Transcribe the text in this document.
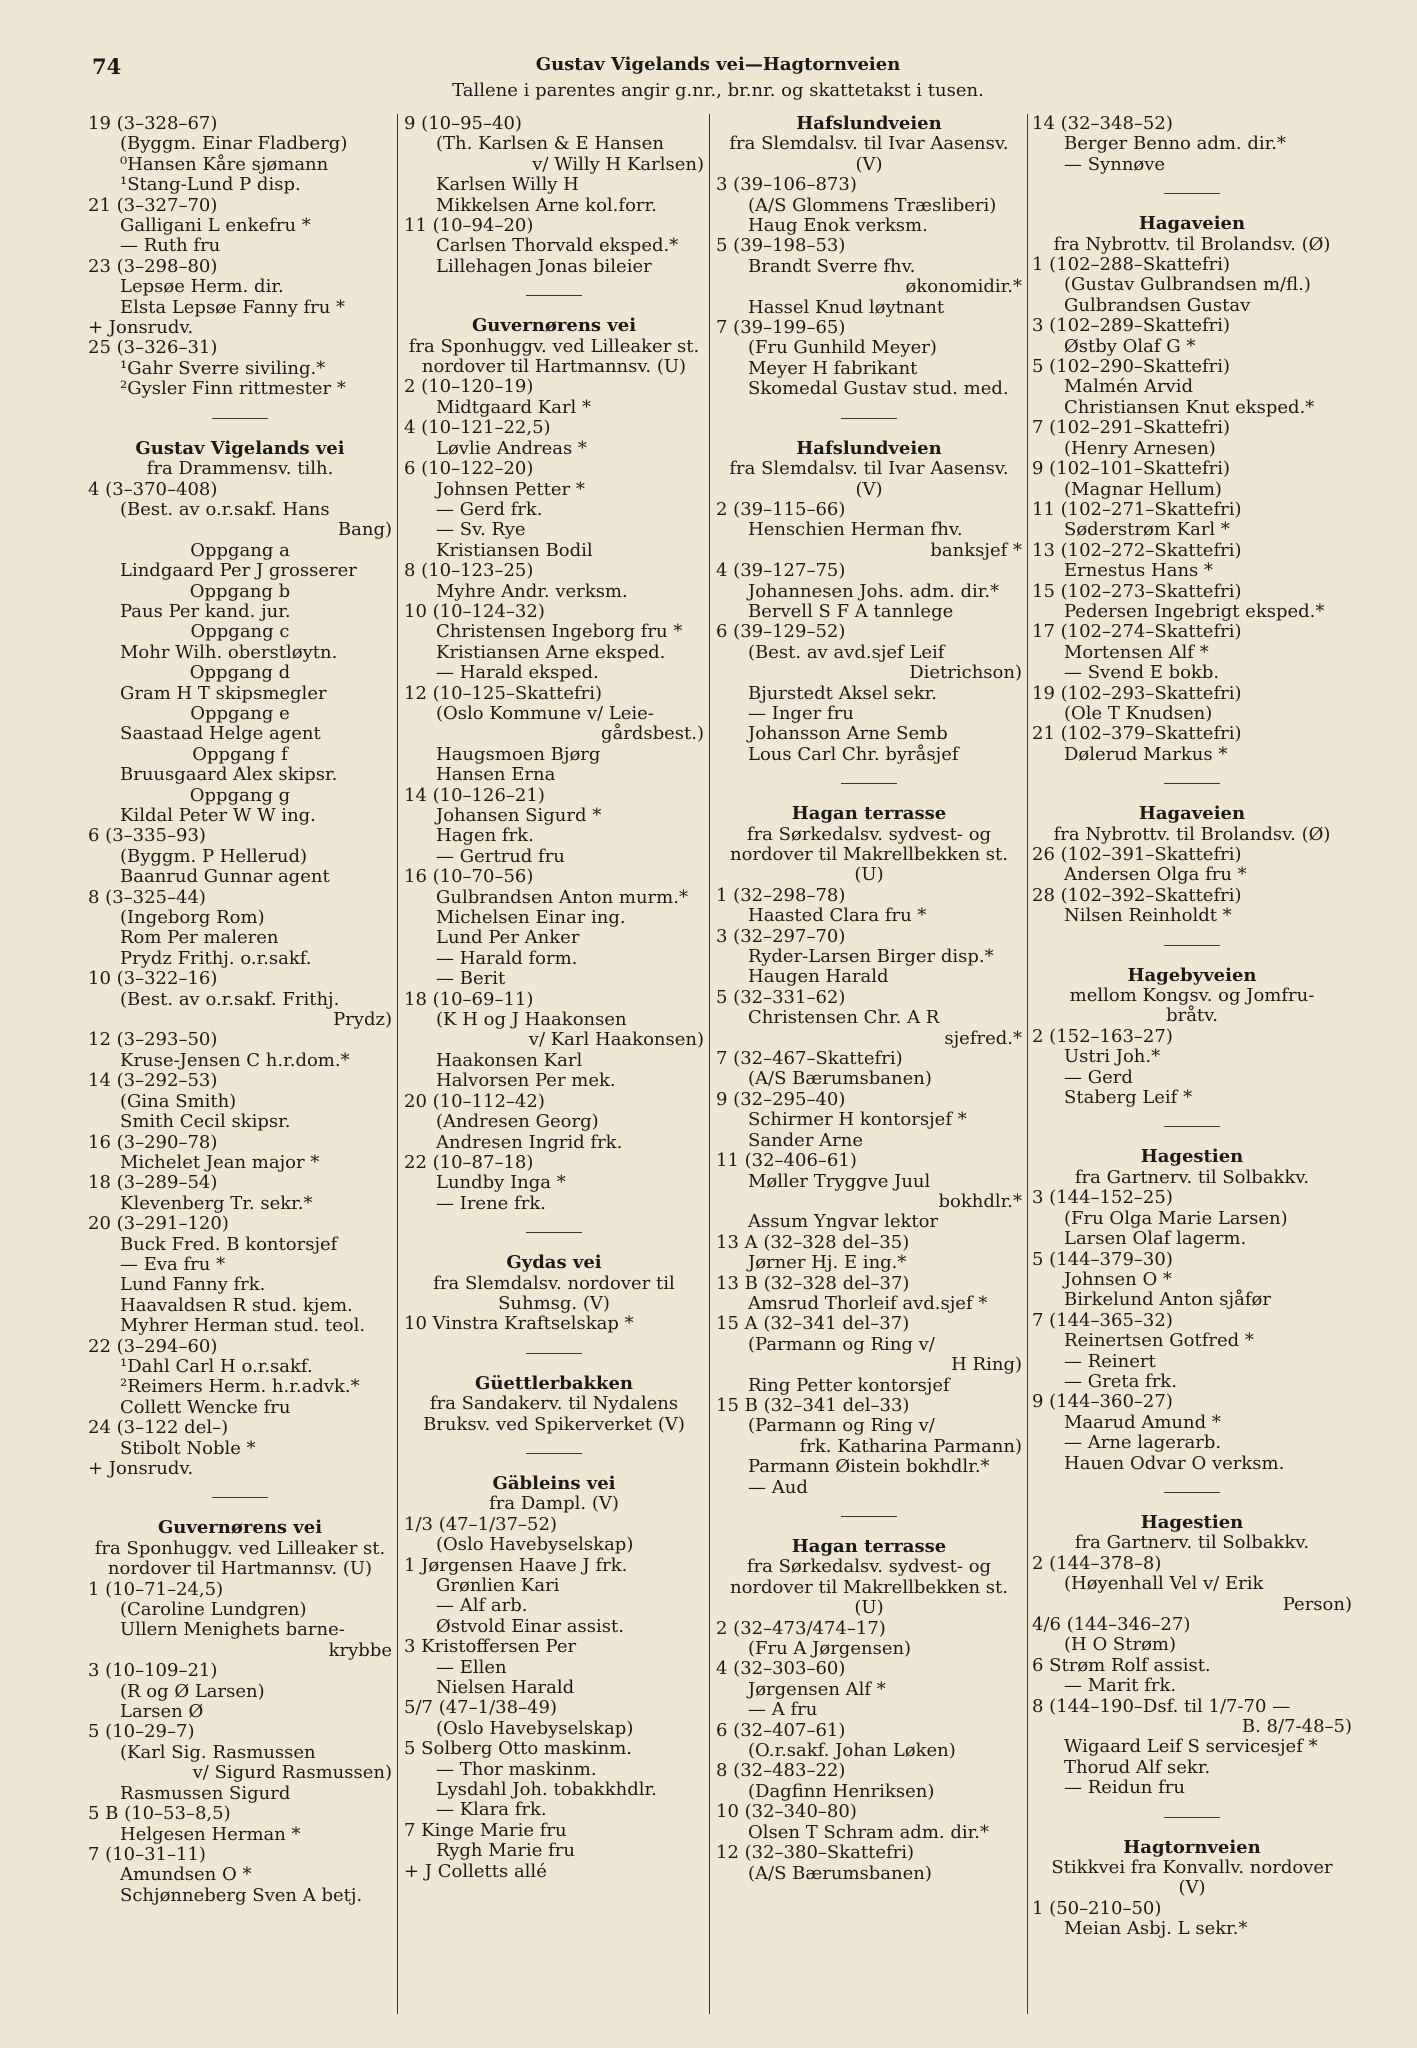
74	Gustav Vigelands vei—Hagtornveien
Tallene i parentes angir g.nr., br.nr. og skattetakst i tusen.
19 (3–328–67)
(Byggm. Einar Fladberg)
⁰Hansen Kåre sjømann
¹Stang-Lund P disp.
21 (3–327–70)
Galligani L enkefru *
— Ruth fru
23 (3–298–80)
Lepsøe Herm. dir.
Elsta Lepsøe Fanny fru *
+ Jonsrudv.
25 (3–326–31)
¹Gahr Sverre siviling.*
²Gysler Finn rittmester *
Gustav Vigelands vei
fra Drammensv. tilh.
4 (3–370–408)
(Best. av o.r.sakf. Hans
Bang)
Oppgang a
Lindgaard Per J grosserer
Oppgang b
Paus Per kand. jur.
Oppgang c
Mohr Wilh. oberstløytn.
Oppgang d
Gram H T skipsmegler
Oppgang e
Saastaad Helge agent
Oppgang f
Bruusgaard Alex skipsr.
Oppgang g
Kildal Peter W W ing.
6 (3–335–93)
(Byggm. P Hellerud)
Baanrud Gunnar agent
8 (3–325–44)
(Ingeborg Rom)
Rom Per maleren
Prydz Frithj. o.r.sakf.
10 (3–322–16)
(Best. av o.r.sakf. Frithj.
Prydz)
12 (3–293–50)
Kruse-Jensen C h.r.dom.*
14 (3–292–53)
(Gina Smith)
Smith Cecil skipsr.
16 (3–290–78)
Michelet Jean major *
18 (3–289–54)
Klevenberg Tr. sekr.*
20 (3–291–120)
Buck Fred. B kontorsjef
— Eva fru *
Lund Fanny frk.
Haavaldsen R stud. kjem.
Myhrer Herman stud. teol.
22 (3–294–60)
¹Dahl Carl H o.r.sakf.
²Reimers Herm. h.r.advk.*
Collett Wencke fru
24 (3–122 del–)
Stibolt Noble *
+ Jonsrudv.
Guvernørens vei
fra Sponhuggv. ved Lilleaker st.
nordover til Hartmannsv. (U)
1 (10–71–24,5)
(Caroline Lundgren)
Ullern Menighets barne-
krybbe
3 (10–109–21)
(R og Ø Larsen)
Larsen Ø
5 (10–29–7)
(Karl Sig. Rasmussen
v/ Sigurd Rasmussen)
Rasmussen Sigurd
5 B (10–53–8,5)
Helgesen Herman *
7 (10–31–11)
Amundsen O *
Schjønneberg Sven A betj.
9 (10–95–40)
(Th. Karlsen & E Hansen
v/ Willy H Karlsen)
Karlsen Willy H
Mikkelsen Arne kol.forr.
11 (10–94–20)
Carlsen Thorvald eksped.*
Lillehagen Jonas bileier
Guvernørens vei
fra Sponhuggv. ved Lilleaker st.
nordover til Hartmannsv. (U)
2 (10–120–19)
Midtgaard Karl *
4 (10–121–22,5)
Løvlie Andreas *
6 (10–122–20)
Johnsen Petter *
— Gerd frk.
— Sv. Rye
Kristiansen Bodil
8 (10–123–25)
Myhre Andr. verksm.
10 (10–124–32)
Christensen Ingeborg fru *
Kristiansen Arne eksped.
— Harald eksped.
12 (10–125–Skattefri)
(Oslo Kommune v/ Leie-
gårdsbest.)
Haugsmoen Bjørg
Hansen Erna
14 (10–126–21)
Johansen Sigurd *
Hagen frk.
— Gertrud fru
16 (10–70–56)
Gulbrandsen Anton murm.*
Michelsen Einar ing.
Lund Per Anker
— Harald form.
— Berit
18 (10–69–11)
(K H og J Haakonsen
v/ Karl Haakonsen)
Haakonsen Karl
Halvorsen Per mek.
20 (10–112–42)
(Andresen Georg)
Andresen Ingrid frk.
22 (10–87–18)
Lundby Inga *
— Irene frk.
Gydas vei
fra Slemdalsv. nordover til
Suhmsg. (V)
10 Vinstra Kraftselskap *
Güettlerbakken
fra Sandakerv. til Nydalens
Bruksv. ved Spikerverket (V)
Gäbleins vei
fra Dampl. (V)
1/3 (47–1/37–52)
(Oslo Havebyselskap)
1 Jørgensen Haave J frk.
Grønlien Kari
— Alf arb.
Østvold Einar assist.
3 Kristoffersen Per
— Ellen
Nielsen Harald
5/7 (47–1/38–49)
(Oslo Havebyselskap)
5 Solberg Otto maskinm.
— Thor maskinm.
Lysdahl Joh. tobakkhdlr.
— Klara frk.
7 Kinge Marie fru
Rygh Marie fru
+ J Colletts allé
Hafslundveien
fra Slemdalsv. til Ivar Aasensv.
(V)
3 (39–106–873)
(A/S Glommens Træsliberi)
Haug Enok verksm.
5 (39–198–53)
Brandt Sverre fhv.
økonomidir.*
Hassel Knud løytnant
7 (39–199–65)
(Fru Gunhild Meyer)
Meyer H fabrikant
Skomedal Gustav stud. med.
Hafslundveien
fra Slemdalsv. til Ivar Aasensv.
(V)
2 (39–115–66)
Henschien Herman fhv.
banksjef *
4 (39–127–75)
Johannesen Johs. adm. dir.*
Bervell S F A tannlege
6 (39–129–52)
(Best. av avd.sjef Leif
Dietrichson)
Bjurstedt Aksel sekr.
— Inger fru
Johansson Arne Semb
Lous Carl Chr. byråsjef
Hagan terrasse
fra Sørkedalsv. sydvest- og
nordover til Makrellbekken st.
(U)
1 (32–298–78)
Haasted Clara fru *
3 (32–297–70)
Ryder-Larsen Birger disp.*
Haugen Harald
5 (32–331–62)
Christensen Chr. A R
sjefred.*
7 (32–467–Skattefri)
(A/S Bærumsbanen)
9 (32–295–40)
Schirmer H kontorsjef *
Sander Arne
11 (32–406–61)
Møller Tryggve Juul
bokhdlr.*
Assum Yngvar lektor
13 A (32–328 del–35)
Jørner Hj. E ing.*
13 B (32–328 del–37)
Amsrud Thorleif avd.sjef *
15 A (32–341 del–37)
(Parmann og Ring v/
H Ring)
Ring Petter kontorsjef
15 B (32–341 del–33)
(Parmann og Ring v/
frk. Katharina Parmann)
Parmann Øistein bokhdlr.*
— Aud
Hagan terrasse
fra Sørkedalsv. sydvest- og
nordover til Makrellbekken st.
(U)
2 (32–473/474–17)
(Fru A Jørgensen)
4 (32–303–60)
Jørgensen Alf *
— A fru
6 (32–407–61)
(O.r.sakf. Johan Løken)
8 (32–483–22)
(Dagfinn Henriksen)
10 (32–340–80)
Olsen T Schram adm. dir.*
12 (32–380–Skattefri)
(A/S Bærumsbanen)
14 (32–348–52)
Berger Benno adm. dir.*
— Synnøve
Hagaveien
fra Nybrottv. til Brolandsv. (Ø)
1 (102–288–Skattefri)
(Gustav Gulbrandsen m/fl.)
Gulbrandsen Gustav
3 (102–289–Skattefri)
Østby Olaf G *
5 (102–290–Skattefri)
Malmén Arvid
Christiansen Knut eksped.*
7 (102–291–Skattefri)
(Henry Arnesen)
9 (102–101–Skattefri)
(Magnar Hellum)
11 (102–271–Skattefri)
Søderstrøm Karl *
13 (102–272–Skattefri)
Ernestus Hans *
15 (102–273–Skattefri)
Pedersen Ingebrigt eksped.*
17 (102–274–Skattefri)
Mortensen Alf *
— Svend E bokb.
19 (102–293–Skattefri)
(Ole T Knudsen)
21 (102–379–Skattefri)
Dølerud Markus *
Hagaveien
fra Nybrottv. til Brolandsv. (Ø)
26 (102–391–Skattefri)
Andersen Olga fru *
28 (102–392–Skattefri)
Nilsen Reinholdt *
Hagebyveien
mellom Kongsv. og Jomfru-
bråtv.
2 (152–163–27)
Ustri Joh.*
— Gerd
Staberg Leif *
Hagestien
fra Gartnerv. til Solbakkv.
3 (144–152–25)
(Fru Olga Marie Larsen)
Larsen Olaf lagerm.
5 (144–379–30)
Johnsen O *
Birkelund Anton sjåfør
7 (144–365–32)
Reinertsen Gotfred *
— Reinert
— Greta frk.
9 (144–360–27)
Maarud Amund *
— Arne lagerarb.
Hauen Odvar O verksm.
Hagestien
fra Gartnerv. til Solbakkv.
2 (144–378–8)
(Høyenhall Vel v/ Erik
Person)
4/6 (144–346–27)
(H O Strøm)
6 Strøm Rolf assist.
— Marit frk.
8 (144–190–Dsf. til 1/7-70 —
B. 8/7-48–5)
Wigaard Leif S servicesjef *
Thorud Alf sekr.
— Reidun fru
Hagtornveien
Stikkvei fra Konvallv. nordover
(V)
1 (50–210–50)
Meian Asbj. L sekr.*
